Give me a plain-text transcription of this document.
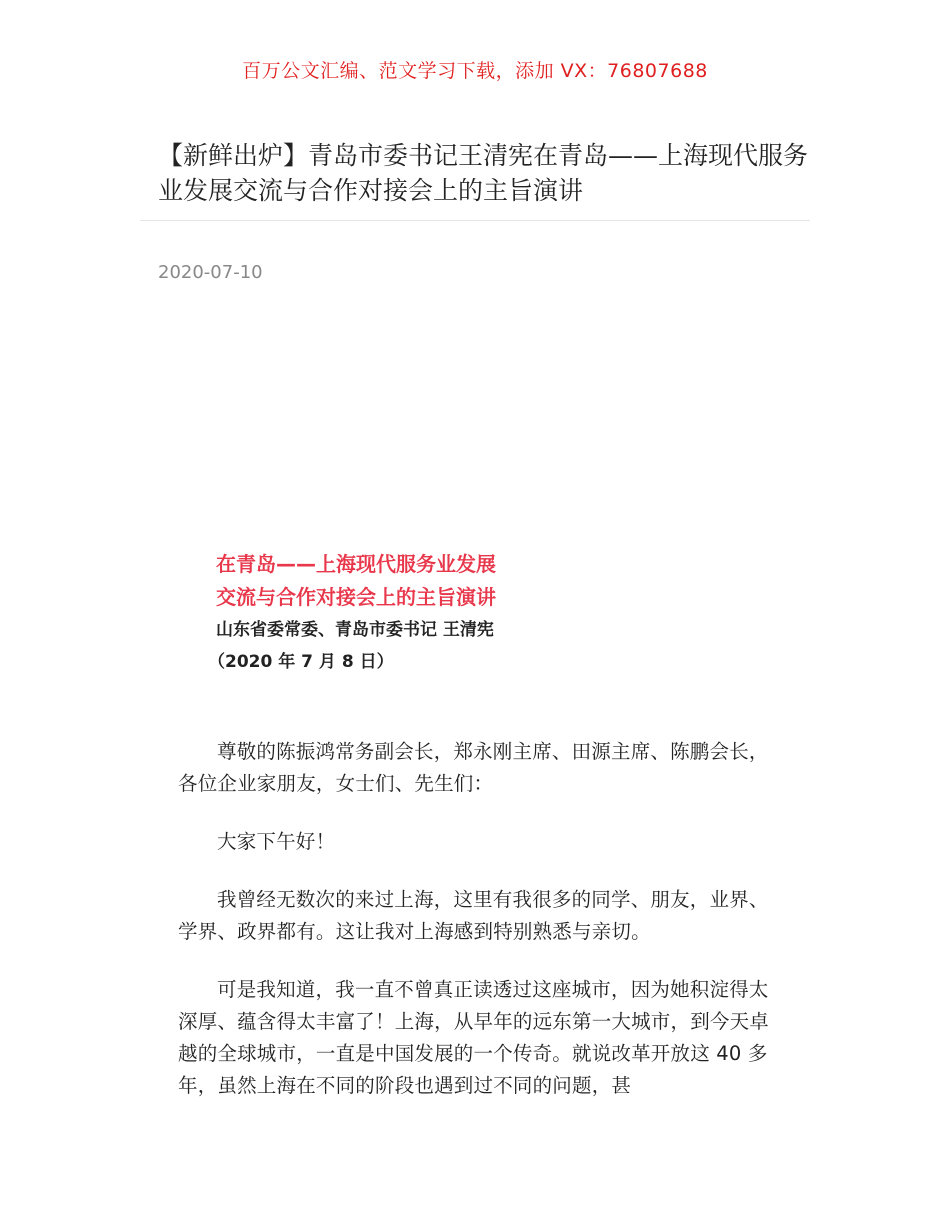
百万公文汇编、范文学习下载，添加 VX：76807688
【新鲜出炉】青岛市委书记王清宪在青岛——上海现代服务业发展交流与合作对接会上的主旨演讲
2020-07-10
在青岛——上海现代服务业发展
交流与合作对接会上的主旨演讲
山东省委常委、青岛市委书记 王清宪
（2020 年 7 月 8 日）

尊敬的陈振鸿常务副会长，郑永刚主席、田源主席、陈鹏会长，各位企业家朋友，女士们、先生们：

大家下午好！

我曾经无数次的来过上海，这里有我很多的同学、朋友，业界、学界、政界都有。这让我对上海感到特别熟悉与亲切。

可是我知道，我一直不曾真正读透过这座城市，因为她积淀得太深厚、蕴含得太丰富了！上海，从早年的远东第一大城市，到今天卓越的全球城市，一直是中国发展的一个传奇。就说改革开放这 40 多年，虽然上海在不同的阶段也遇到过不同的问题，甚
